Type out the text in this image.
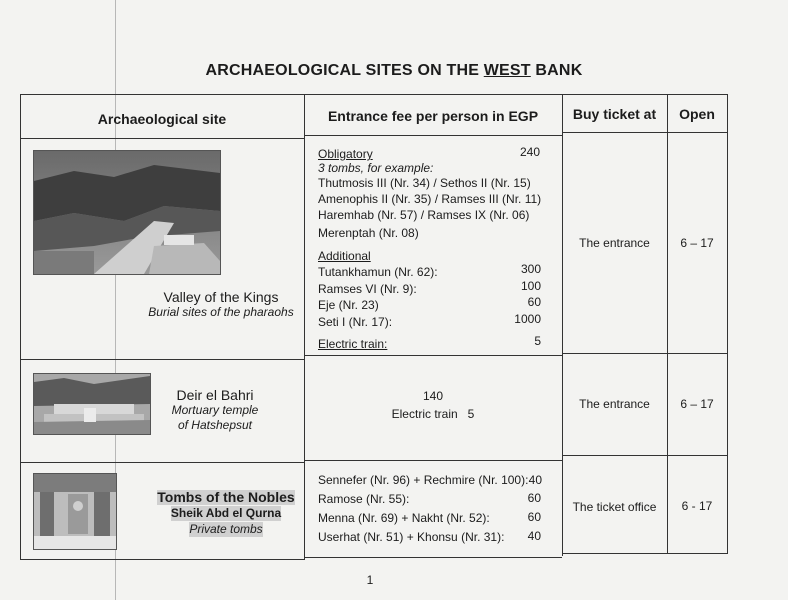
ARCHAEOLOGICAL SITES ON THE WEST BANK
Archaeological site	Entrance fee per person in EGP	Buy ticket at	Open
Valley of the Kings
Burial sites of the pharaohs
Obligatory	240
3 tombs, for example:
Thutmosis III (Nr. 34) / Sethos II (Nr. 15)
Amenophis II (Nr. 35) / Ramses III (Nr. 11)
Haremhab (Nr. 57) / Ramses IX (Nr. 06)
Merenptah (Nr. 08)
Additional
Tutankhamun (Nr. 62):	300
Ramses VI (Nr. 9):	100
Eje (Nr. 23)	60
Seti I (Nr. 17):	1000
Electric train:	5
The entrance	6 – 17
Deir el Bahri
Mortuary temple
of Hatshepsut
140
Electric train   5
The entrance	6 – 17
Tombs of the Nobles
Sheik Abd el Qurna
Private tombs
Sennefer (Nr. 96) + Rechmire (Nr. 100): 40
Ramose (Nr. 55):	60
Menna (Nr. 69) + Nakht (Nr. 52):	60
Userhat (Nr. 51) + Khonsu (Nr. 31):	40
The ticket office	6 - 17
1
